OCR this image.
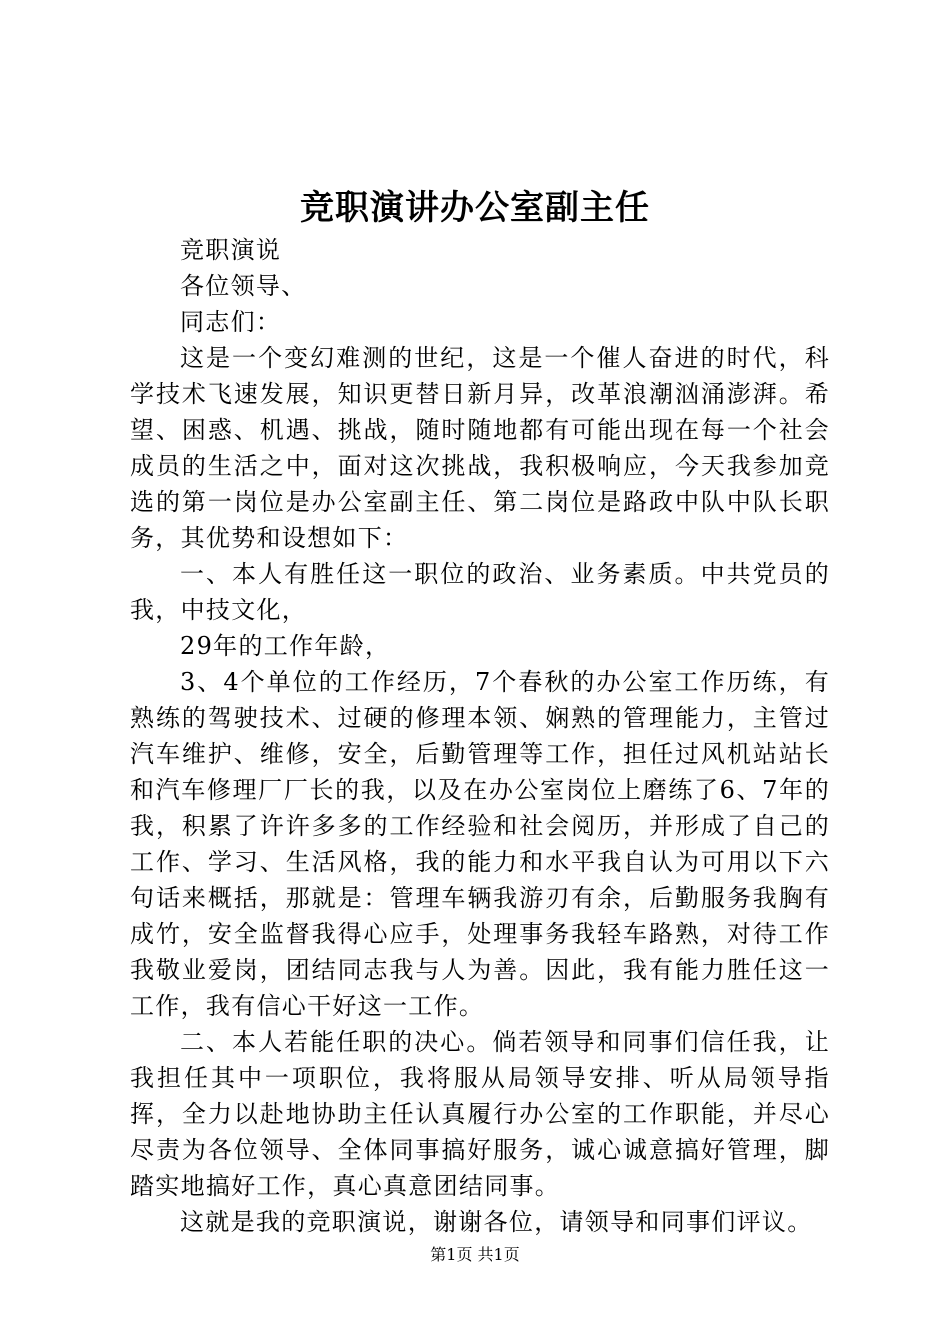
竞职演讲办公室副主任

竞职演说

各位领导、

同志们：

这是一个变幻难测的世纪，这是一个催人奋进的时代，科学技术飞速发展，知识更替日新月异，改革浪潮汹涌澎湃。希望、困惑、机遇、挑战，随时随地都有可能出现在每一个社会成员的生活之中，面对这次挑战，我积极响应，今天我参加竞选的第一岗位是办公室副主任、第二岗位是路政中队中队长职务，其优势和设想如下：

一、本人有胜任这一职位的政治、业务素质。中共党员的我，中技文化，

29年的工作年龄，

3、4个单位的工作经历，7个春秋的办公室工作历练，有熟练的驾驶技术、过硬的修理本领、娴熟的管理能力，主管过汽车维护、维修，安全，后勤管理等工作，担任过风机站站长和汽车修理厂厂长的我，以及在办公室岗位上磨练了6、7年的我，积累了许许多多的工作经验和社会阅历，并形成了自己的工作、学习、生活风格，我的能力和水平我自认为可用以下六句话来概括，那就是：管理车辆我游刃有余，后勤服务我胸有成竹，安全监督我得心应手，处理事务我轻车路熟，对待工作我敬业爱岗，团结同志我与人为善。因此，我有能力胜任这一工作，我有信心干好这一工作。

二、本人若能任职的决心。倘若领导和同事们信任我，让我担任其中一项职位，我将服从局领导安排、听从局领导指挥，全力以赴地协助主任认真履行办公室的工作职能，并尽心尽责为各位领导、全体同事搞好服务，诚心诚意搞好管理，脚踏实地搞好工作，真心真意团结同事。

这就是我的竞职演说，谢谢各位，请领导和同事们评议。

第1页 共1页
